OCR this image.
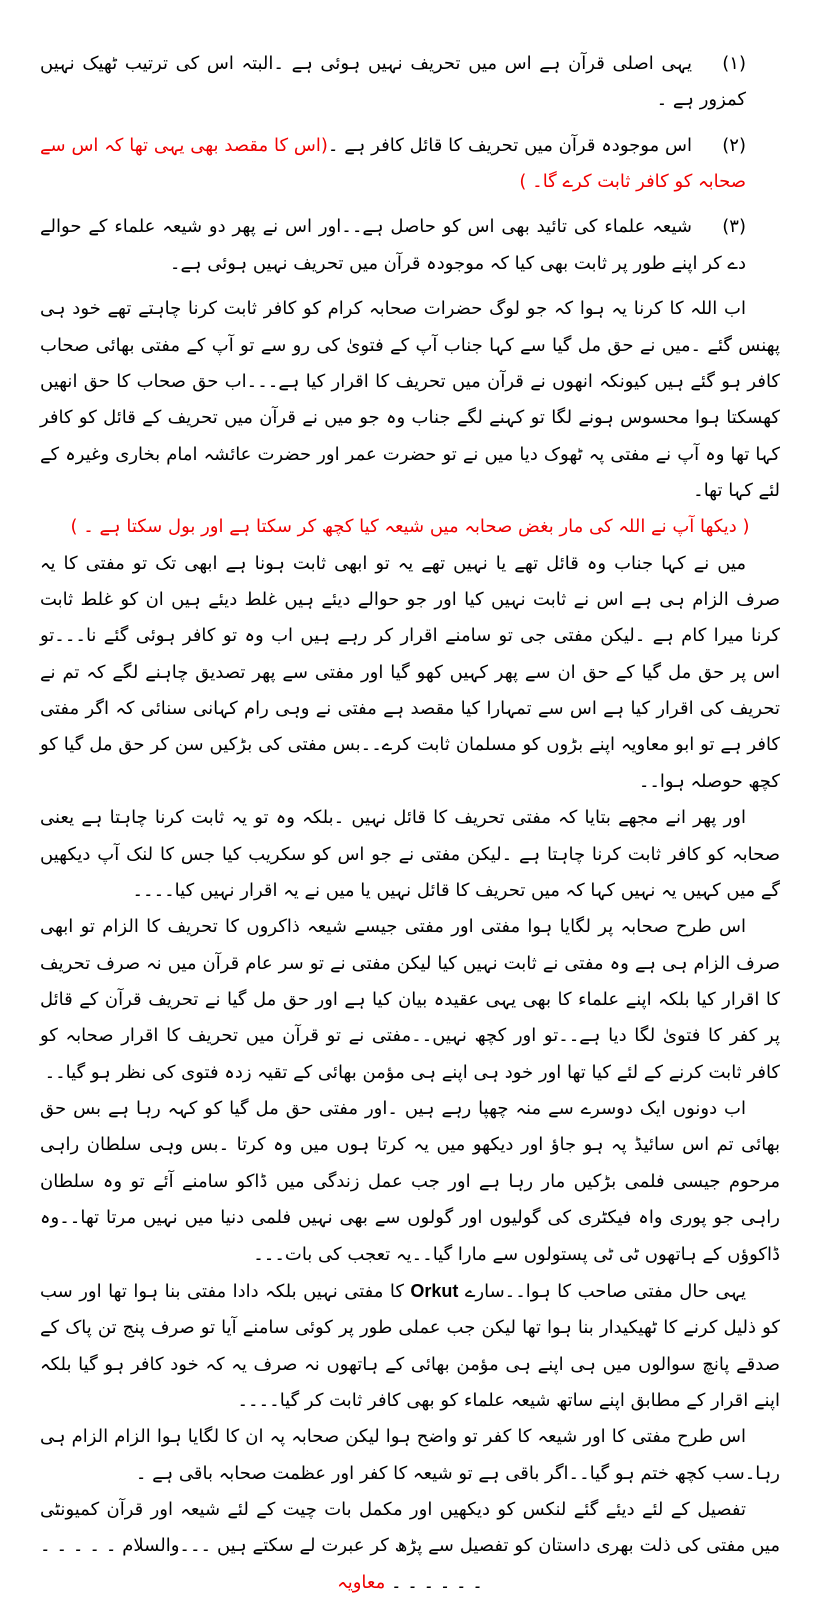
(۱)یہی اصلی قرآن ہے اس میں تحریف نہیں ہوئی ہے ۔البتہ اس کی ترتیب ٹھیک نہیں کمزور ہے ۔
(۲)اس موجودہ قرآن میں تحریف کا قائل کافر ہے ۔(اس کا مقصد بھی یہی تھا کہ اس سے صحابہ کو کافر ثابت کرے گا۔ )
(۳)شیعہ علماء کی تائید بھی اس کو حاصل ہے۔۔اور اس نے پھر دو شیعہ علماء کے حوالے دے کر اپنے طور پر ثابت بھی کیا کہ موجودہ قرآن میں تحریف نہیں ہوئی ہے۔

اب اللہ کا کرنا یہ ہوا کہ جو لوگ حضرات صحابہ کرام کو کافر ثابت کرنا چاہتے تھے خود ہی پھنس گئے ۔میں نے حق مل گیا سے کہا جناب آپ کے فتویٰ کی رو سے تو آپ کے مفتی بھائی صحاب کافر ہو گئے ہیں کیونکہ انھوں نے قرآن میں تحریف کا اقرار کیا ہے۔۔۔اب حق صحاب کا حق انھیں کھسکتا ہوا محسوس ہونے لگا تو کہنے لگے جناب وہ جو میں نے قرآن میں تحریف کے قائل کو کافر کہا تھا وہ آپ نے مفتی پہ ٹھوک دیا میں نے تو حضرت عمر اور حضرت عائشہ امام بخاری وغیرہ کے لئے کہا تھا۔

( دیکھا آپ نے اللہ کی مار بغض صحابہ میں شیعہ کیا کچھ کر سکتا ہے اور بول سکتا ہے ۔ )

میں نے کہا جناب وہ قائل تھے یا نہیں تھے یہ تو ابھی ثابت ہونا ہے ابھی تک تو مفتی کا یہ صرف الزام ہی ہے اس نے ثابت نہیں کیا اور جو حوالے دیئے ہیں غلط دیئے ہیں ان کو غلط ثابت کرنا میرا کام ہے ۔لیکن مفتی جی تو سامنے اقرار کر رہے ہیں اب وہ تو کافر ہوئی گئے نا۔۔۔تو اس پر حق مل گیا کے حق ان سے پھر کہیں کھو گیا اور مفتی سے پھر تصدیق چاہنے لگے کہ تم نے تحریف کی اقرار کیا ہے اس سے تمہارا کیا مقصد ہے مفتی نے وہی رام کہانی سنائی کہ اگر مفتی کافر ہے تو ابو معاویہ اپنے بڑوں کو مسلمان ثابت کرے۔۔بس مفتی کی بڑکیں سن کر حق مل گیا کو کچھ حوصلہ ہوا۔۔

اور پھر انے مجھے بتایا کہ مفتی تحریف کا قائل نہیں ۔بلکہ وہ تو یہ ثابت کرنا چاہتا ہے یعنی صحابہ کو کافر ثابت کرنا چاہتا ہے ۔لیکن مفتی نے جو اس کو سکریب کیا جس کا لنک آپ دیکھیں گے میں کہیں یہ نہیں کہا کہ میں تحریف کا قائل نہیں یا میں نے یہ اقرار نہیں کیا۔۔۔۔

اس طرح صحابہ پر لگایا ہوا مفتی اور مفتی جیسے شیعہ ذاکروں کا تحریف کا الزام تو ابھی صرف الزام ہی ہے وہ مفتی نے ثابت نہیں کیا لیکن مفتی نے تو سر عام قرآن میں نہ صرف تحریف کا اقرار کیا بلکہ اپنے علماء کا بھی یہی عقیدہ بیان کیا ہے اور حق مل گیا نے تحریف قرآن کے قائل پر کفر کا فتویٰ لگا دیا ہے۔۔تو اور کچھ نہیں۔۔مفتی نے تو قرآن میں تحریف کا اقرار صحابہ کو کافر ثابت کرنے کے لئے کیا تھا اور خود ہی اپنے ہی مؤمن بھائی کے تقیہ زدہ فتوی کی نظر ہو گیا۔۔

اب دونوں ایک دوسرے سے منہ چھپا رہے ہیں ۔اور مفتی حق مل گیا کو کہہ رہا ہے بس حق بھائی تم اس سائیڈ پہ ہو جاؤ اور دیکھو میں یہ کرتا ہوں میں وہ کرتا ۔بس وہی سلطان راہی مرحوم جیسی فلمی بڑکیں مار رہا ہے اور جب عمل زندگی میں ڈاکو سامنے آئے تو وہ سلطان راہی جو پوری واہ فیکٹری کی گولیوں اور گولوں سے بھی نہیں فلمی دنیا میں نہیں مرتا تھا۔۔وہ ڈاکوؤں کے ہاتھوں ٹی ٹی پستولوں سے مارا گیا۔۔یہ تعجب کی بات۔۔۔

یہی حال مفتی صاحب کا ہوا۔۔سارے Orkut کا مفتی نہیں بلکہ دادا مفتی بنا ہوا تھا اور سب کو ذلیل کرنے کا ٹھیکیدار بنا ہوا تھا لیکن جب عملی طور پر کوئی سامنے آیا تو صرف پنج تن پاک کے صدقے پانچ سوالوں میں ہی اپنے ہی مؤمن بھائی کے ہاتھوں نہ صرف یہ کہ خود کافر ہو گیا بلکہ اپنے اقرار کے مطابق اپنے ساتھ شیعہ علماء کو بھی کافر ثابت کر گیا۔۔۔۔

اس طرح مفتی کا اور شیعہ کا کفر تو واضح ہوا لیکن صحابہ پہ ان کا لگایا ہوا الزام الزام ہی رہا۔سب کچھ ختم ہو گیا۔۔اگر باقی ہے تو شیعہ کا کفر اور عظمت صحابہ باقی ہے ۔

تفصیل کے لئے دیئے گئے لنکس کو دیکھیں اور مکمل بات چیت کے لئے شیعہ اور قرآن کمیونٹی میں مفتی کی ذلت بھری داستان کو تفصیل سے پڑھ کر عبرت لے سکتے ہیں ۔۔۔والسلام ۔ ۔ ۔ ۔ ۔ ۔ ۔ ۔ ۔ ۔ ۔ معاویہ
